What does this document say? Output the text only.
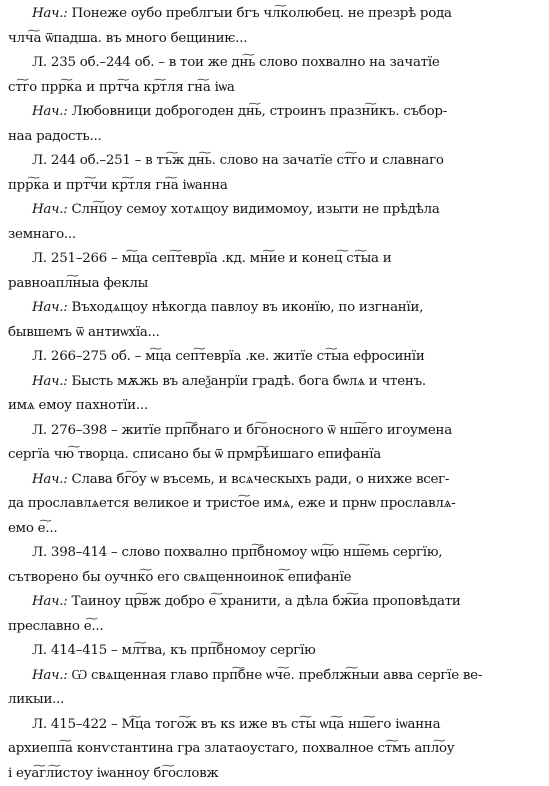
Нач.: Понеже оубо преблгыи бгъ чл͠колюбец. не презрѣ рода
члч͠а ѿпадша. въ много бещиниѥ...
Л. 235 об.–244 об. – в тои же дн͠ь слово похвално на зачатїе
ст͠го прр͠ка и прт͠ча кр͠тля гн͠а iѡа
Нач.: Любовници доброгоден дн͠ь, строинъ празн͠икъ. събор-
наа радость...
Л. 244 об.–251 – в тъ͠ж дн͠ь. слово на зачатїе ст͠го и славнаго
прр͠ка и прт͠чи кр͠тля гн͠а iѡанна
Нач.: Слн͠цоу семоу хотѧщоу видимомоу, изыти не прѣдѣла
земнаго...
Л. 251–266 – м͠ца сеп͠теврїа .кд. мн͠ие и конец͠ ст͠ыа и
равноапл͠ныа феклы
Нач.: Въходѧщоу нѣкогда павлоу въ иконїю, по изгнанїи,
бывшемъ ѿ антиѡхїа...
Л. 266–275 об. – м͠ца сеп͠теврїа .ке. житїе ст͠ыа ефросинїи
Нач.: Бысть мѫжь въ алеѯанрїи градѣ. бога бѡлѧ и чтенъ.
имѧ емоу пахнотїи...
Л. 276–398 – житїе прп͠бнаго и бг͠оносного ѿ нш͠его игоумена
сергїа чю͠ творца. списано бы ѿ прмр͠ѣишаго епифанїа
Нач.: Слава бг͠оу ѡ въсемь, и всѧческыхъ ради, о нихже всег-
да прославлѧется великое и трист͠ое имѧ, еже и прнѡ прославлѧ-
емо е͠...
Л. 398–414 – слово похвално прп͠бномоу ѡц͠ю нш͠емь сергїю,
сътворено бы оучнк͠о его свѧщенноинок͠ епифанїе
Нач.: Таиноу цр͠вж добро е͠ хранити, а дѣла бж͠иа проповѣдати
преславно е͠...
Л. 414–415 – мл͠тва, къ прп͠бномоу сергїю
Нач.: Ѡ свѧщенная главо прп͠бне ѡч͠е. преблж͠ныи авва сергїе ве-
ликыи...
Л. 415–422 – М͠ца того͠ж въ кѕ иже въ ст͠ы ѡц͠а нш͠его iѡанна
архиепп͠а конѵстантина гра златаоустаго, похвалное ст͠мъ апл͠оу
i еуа͠гл͠истоу iѡанноу бг͠ословж
